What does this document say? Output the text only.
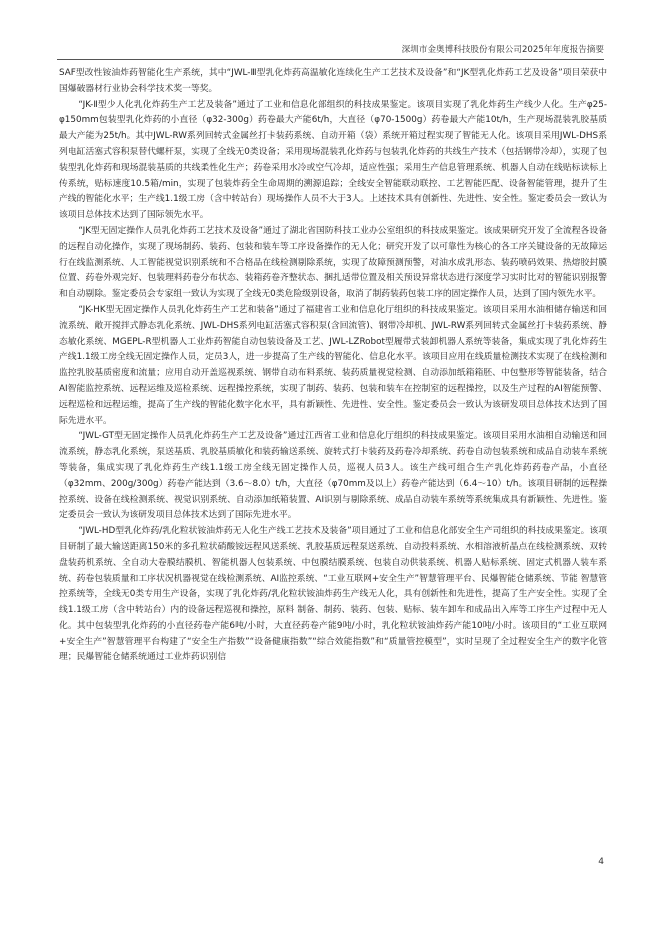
深圳市金奥博科技股份有限公司2025年年度报告摘要

SAF型改性铵油炸药智能化生产系统，其中“JWL-Ⅲ型乳化炸药高温敏化连续化生产工艺技术及设备”和“JK型乳化炸药工艺及设备”项目荣获中国爆破器材行业协会科学技术奖一等奖。

“JK-Ⅱ型少人化乳化炸药生产工艺及装备”通过了工业和信息化部组织的科技成果鉴定。该项目实现了乳化炸药生产线少人化。生产φ25-φ150mm包装型乳化炸药的小直径（φ32-300g）药卷最大产能6t/h，大直径（φ70-1500g）药卷最大产能10t/h，生产现场混装乳胶基质最大产能为25t/h。其中JWL-RW系列回转式金属丝打卡装药系统、自动开箱（袋）系统开箱过程实现了智能无人化。该项目采用JWL-DHS系列电缸活塞式容积泵替代螺杆泵，实现了全线无0类设备；采用现场混装乳化炸药与包装乳化炸药的共线生产技术（包括钢带冷却），实现了包装型乳化炸药和现场混装基质的共线柔性化生产；药卷采用水冷或空气冷却，适应性强；采用生产信息管理系统、机器人自动在线贴标读标上传系统，贴标速度10.5箱/min，实现了包装炸药全生命周期的溯源追踪；全线安全智能联动联控、工艺智能匹配、设备智能管理，提升了生产线的智能化水平；生产线1.1级工房（含中转站台）现场操作人员不大于3人。上述技术具有创新性、先进性、安全性。鉴定委员会一致认为该项目总体技术达到了国际领先水平。

“JK型无固定操作人员乳化炸药工艺技术及设备”通过了湖北省国防科技工业办公室组织的科技成果鉴定。该成果研究开发了全流程各设备的远程自动化操作，实现了现场制药、装药、包装和装车等工序设备操作的无人化；研究开发了以可靠性为核心的各工序关键设备的无故障运行在线监测系统、人工智能视觉识别系统和不合格品在线检测剔除系统，实现了故障预测预警，对油水成乳形态、装药喷码效果、热熔胶封膜位置、药卷外观完好、包装理料药卷分布状态、装箱药卷齐整状态、捆扎适带位置及相关预设异常状态进行深度学习实时比对的智能识别报警和自动剔除。鉴定委员会专家组一致认为实现了全线无0类危险级别设备，取消了制药装药包装工序的固定操作人员，达到了国内领先水平。

“JK-HK型无固定操作人员乳化炸药生产工艺和装备”通过了福建省工业和信息化厅组织的科技成果鉴定。该项目采用水油相储存输送和回流系统、敞开搅拌式静态乳化系统、JWL-DHS系列电缸活塞式容积泵(含回流管)、钢带冷却机、JWL-RW系列回转式金属丝打卡装药系统、静态敏化系统、MGEPL-R型机器人工业炸药智能自动包装设备及工艺、JWL-LZRobot型履带式装卸机器人系统等装备，集成实现了乳化炸药生产线1.1级工房全线无固定操作人员，定员3人，进一步提高了生产线的智能化、信息化水平。该项目应用在线质量检测技术实现了在线检测和监控乳胶基质密度和流量；应用自动开盖巡视系统、钢带自动布料系统、装药质量视觉检测、自动添加纸箱箱胚、中包整形等智能装备，结合AI智能监控系统、远程运维及巡检系统、远程操控系统，实现了制药、装药、包装和装车在控制室的远程操控，以及生产过程的AI智能预警、远程巡检和远程运维，提高了生产线的智能化数字化水平，具有新颖性、先进性、安全性。鉴定委员会一致认为该研发项目总体技术达到了国际先进水平。

“JWL-GT型无固定操作人员乳化炸药生产工艺及设备”通过江西省工业和信息化厅组织的科技成果鉴定。该项目采用水油相自动输送和回流系统，静态乳化系统，泵送基质、乳胶基质敏化和装药输送系统、旋转式打卡装药及药卷冷却系统、药卷自动包装系统和成品自动装车系统等装备，集成实现了乳化炸药生产线1.1级工房全线无固定操作人员，巡视人员3人。该生产线可组合生产乳化炸药药卷产品，小直径（φ32mm、200g/300g）药卷产能达到（3.6～8.0）t/h，大直径（φ70mm及以上）药卷产能达到（6.4～10）t/h。该项目研制的远程操控系统、设备在线检测系统、视觉识别系统、自动添加纸箱装置、AI识别与剔除系统、成品自动装车系统等系统集成具有新颖性、先进性。鉴定委员会一致认为该研发项目总体技术达到了国际先进水平。

“JWL-HD型乳化炸药/乳化粒状铵油炸药无人化生产线工艺技术及装备”项目通过了工业和信息化部安全生产司组织的科技成果鉴定。该项目研制了最大输送距离150米的多孔粒状硝酸铵远程风送系统、乳胶基质远程泵送系统、自动投料系统、水相溶液析晶点在线检测系统、双转盘装药机系统、全自动大卷膜结膜机、智能机器人包装系统、中包膜结膜系统、包装自动供装系统、机器人贴标系统、固定式机器人装车系统、药卷包装质量和工序状况机器视觉在线检测系统、AI监控系统、“工业互联网+安全生产”智慧管理平台、民爆智能仓储系统、节能 智慧管控系统等，全线无0类专用生产设备，实现了乳化炸药/乳化粒状铵油炸药生产线无人化，具有创新性和先进性，提高了生产安全性。实现了全线1.1级工房（含中转站台）内的设备远程巡视和操控，原料 制备、制药、装药、包装、贴标、装车卸车和成品出入库等工序生产过程中无人化。其中包装型乳化炸药的小直径药卷产能6吨/小时，大直径药卷产能9吨/小时，乳化粒状铵油炸药产能10吨/小时。该项目的“工业互联网+安全生产”智慧管理平台构建了“安全生产指数”“设备健康指数”“综合效能指数”和“质量管控模型”，实时呈现了全过程安全生产的数字化管理；民爆智能仓储系统通过工业炸药识别信

4
